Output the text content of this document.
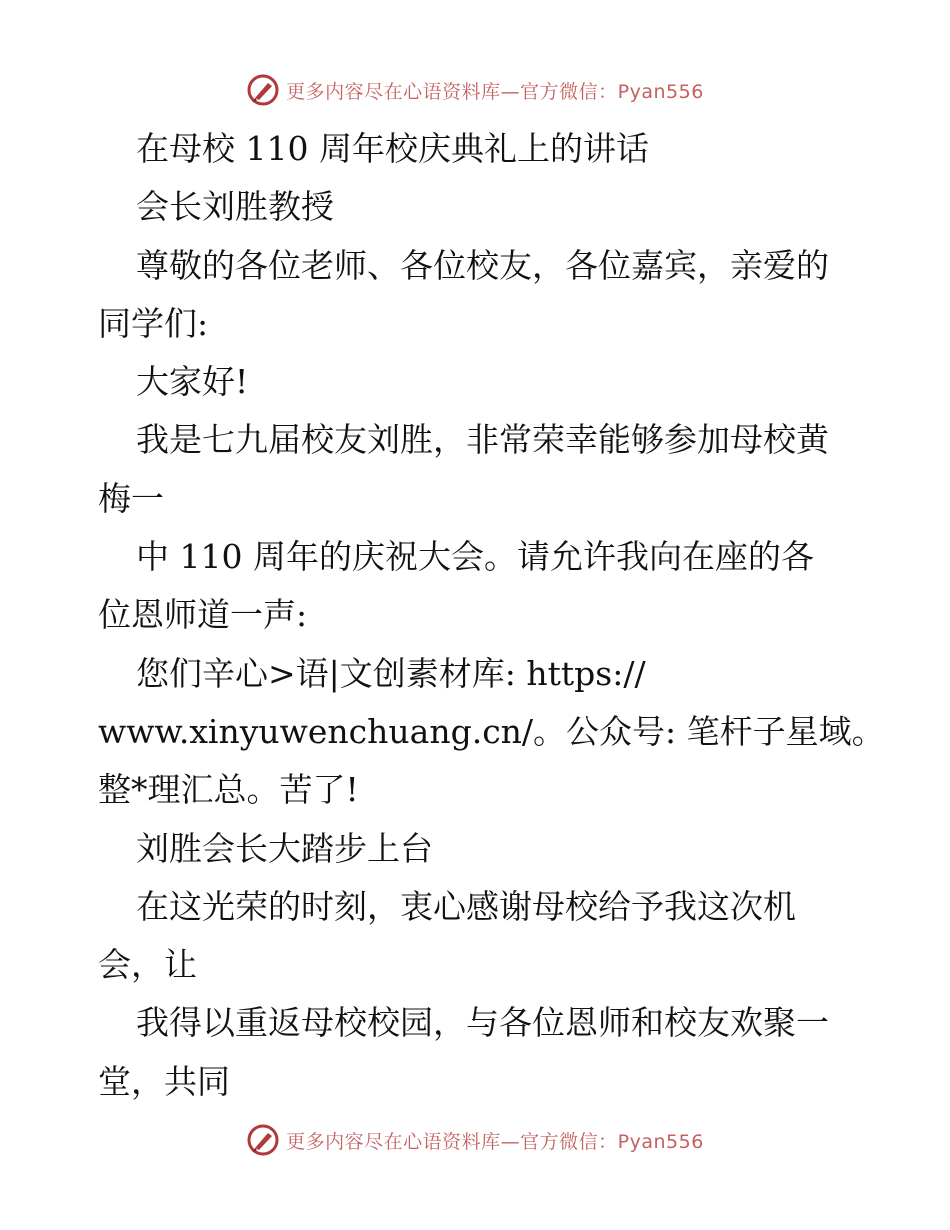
更多内容尽在心语资料库—官方微信：Pyan556
在母校 110 周年校庆典礼上的讲话
会长刘胜教授
尊敬的各位老师、各位校友，各位嘉宾，亲爱的
同学们:
大家好!
我是七九届校友刘胜，非常荣幸能够参加母校黄
梅一
中 110 周年的庆祝大会。请允许我向在座的各
位恩师道一声:
您们辛心>语|文创素材库: https://
www.xinyuwenchuang.cn/。公众号: 笔杆子星域。
整*理汇总。苦了!
刘胜会长大踏步上台
在这光荣的时刻，衷心感谢母校给予我这次机
会，让
我得以重返母校校园，与各位恩师和校友欢聚一
堂，共同
更多内容尽在心语资料库—官方微信：Pyan556
